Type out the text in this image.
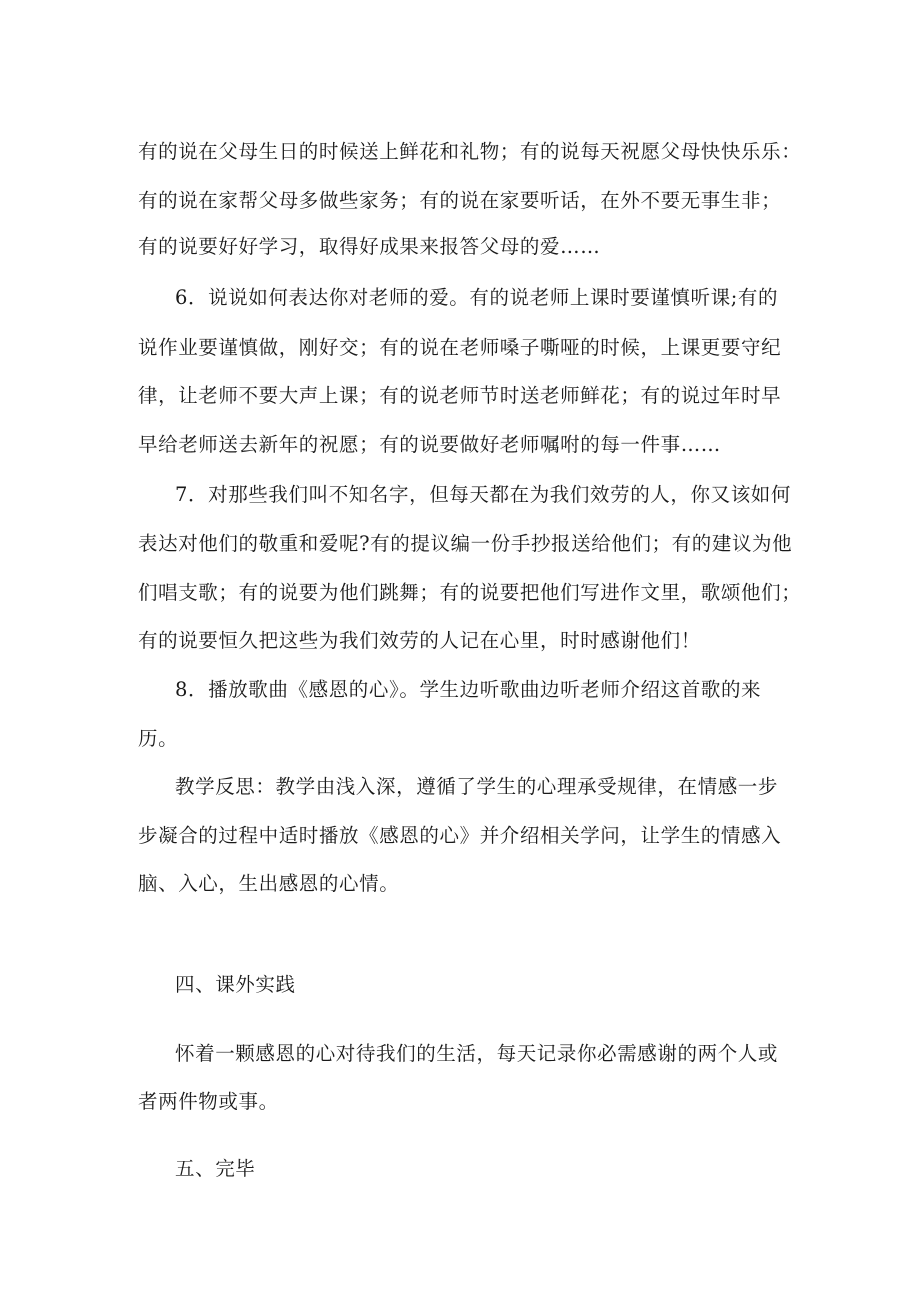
有的说在父母生日的时候送上鲜花和礼物；有的说每天祝愿父母快快乐乐：
有的说在家帮父母多做些家务；有的说在家要听话，在外不要无事生非；
有的说要好好学习，取得好成果来报答父母的爱……
6．说说如何表达你对老师的爱。有的说老师上课时要谨慎听课;有的
说作业要谨慎做，刚好交；有的说在老师嗓子嘶哑的时候，上课更要守纪
律，让老师不要大声上课；有的说老师节时送老师鲜花；有的说过年时早
早给老师送去新年的祝愿；有的说要做好老师嘱咐的每一件事……
7．对那些我们叫不知名字，但每天都在为我们效劳的人，你又该如何
表达对他们的敬重和爱呢?有的提议编一份手抄报送给他们；有的建议为他
们唱支歌；有的说要为他们跳舞；有的说要把他们写进作文里，歌颂他们；
有的说要恒久把这些为我们效劳的人记在心里，时时感谢他们！
8．播放歌曲《感恩的心》。学生边听歌曲边听老师介绍这首歌的来
历。
教学反思：教学由浅入深，遵循了学生的心理承受规律，在情感一步
步凝合的过程中适时播放《感恩的心》并介绍相关学问，让学生的情感入
脑、入心，生出感恩的心情。
四、课外实践
怀着一颗感恩的心对待我们的生活，每天记录你必需感谢的两个人或
者两件物或事。
五、完毕
